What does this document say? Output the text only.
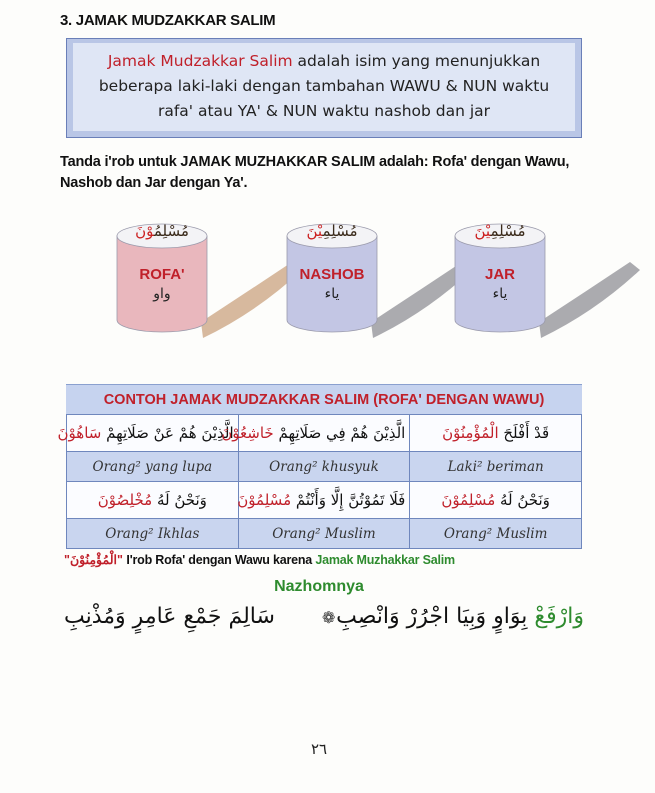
3. JAMAK MUDZAKKAR SALIM
Jamak Mudzakkar Salim adalah isim yang menunjukkan
beberapa laki-laki dengan tambahan WAWU & NUN waktu
rafa' atau YA' & NUN waktu nashob dan jar
Tanda i'rob untuk JAMAK MUZHAKKAR SALIM adalah: Rofa' dengan Wawu, Nashob dan Jar dengan Ya'.
مُسْلِمُوْنَ
ROFA'
واو
مُسْلِمِيْنَ
NASHOB
ياء
مُسْلِمِيْنَ
JAR
ياء
CONTOH JAMAK MUDZAKKAR SALIM (ROFA' DENGAN WAWU)
الَّذِيْنَ هُمْ عَنْ صَلَاتِهِمْ سَاهُوْنَ	الَّذِيْنَ هُمْ فِي صَلَاتِهِمْ خَاشِعُوْنَ	قَدْ أَفْلَحَ الْمُؤْمِنُوْنَ
Orang² yang lupa	Orang² khusyuk	Laki² beriman
وَنَحْنُ لَهُ مُخْلِصُوْنَ	فَلَا تَمُوْتُنَّ إِلَّا وَأَنْتُمْ مُسْلِمُوْنَ	وَنَحْنُ لَهُ مُسْلِمُوْنَ
Orang² Ikhlas	Orang² Muslim	Orang² Muslim
"الْمُؤْمِنُوْنَ" I'rob Rofa' dengan Wawu karena Jamak Muzhakkar Salim
Nazhomnya
وَارْفَعْ بِوَاوٍ وَبِيَا اجْرُرْ وَانْصِبِ
❁
سَالِمَ جَمْعِ عَامِرٍ وَمُذْنِبِ
٢٦
